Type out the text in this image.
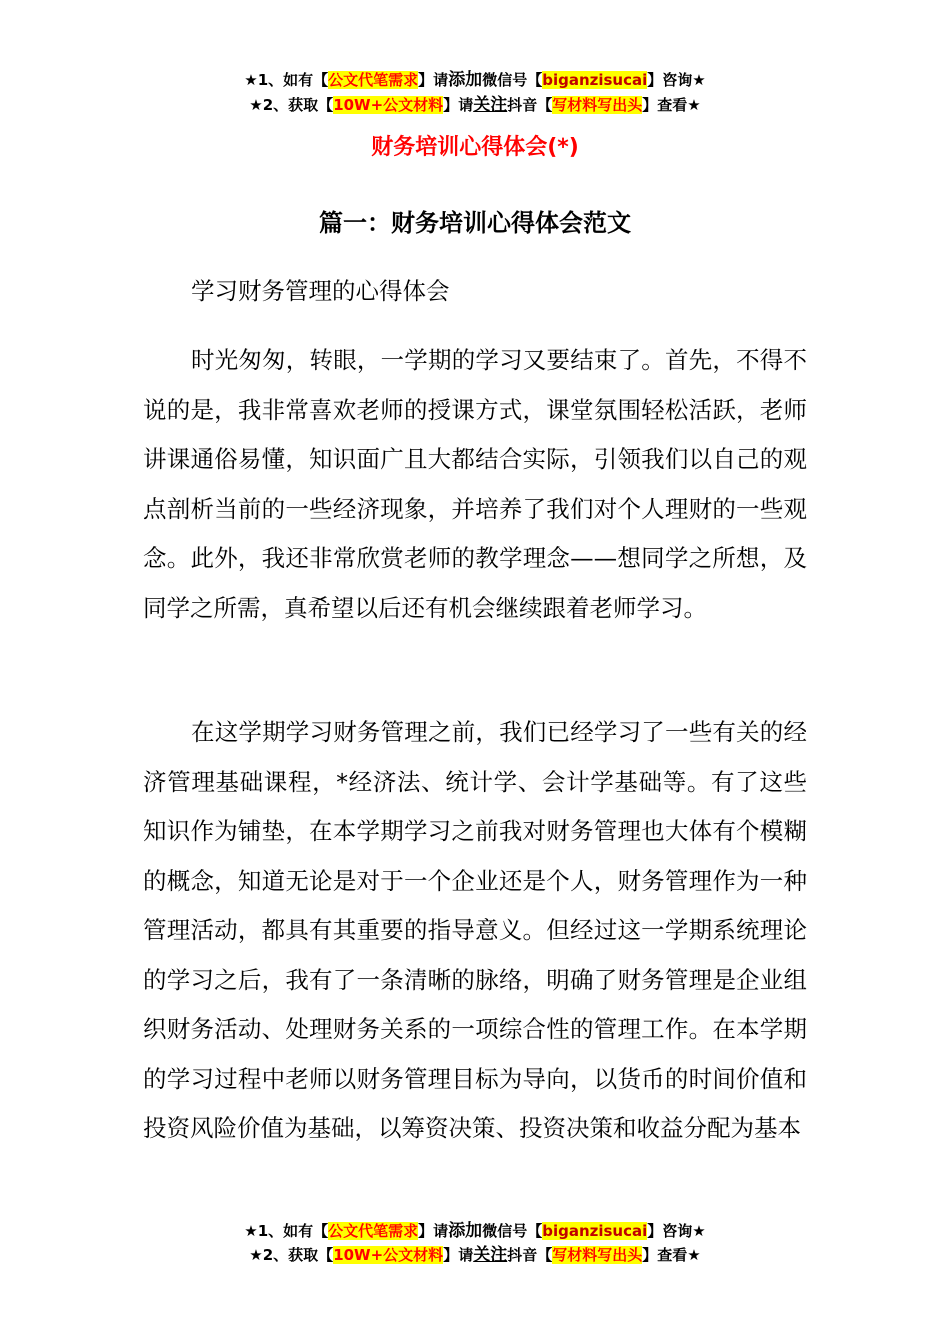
★1、如有【公文代笔需求】请添加微信号【biganzisucai】咨询★
★2、获取【10W+公文材料】请关注抖音【写材料写出头】查看★
财务培训心得体会(*)
篇一：财务培训心得体会范文
学习财务管理的心得体会
时光匆匆，转眼，一学期的学习又要结束了。首先，不得不说的是，我非常喜欢老师的授课方式，课堂氛围轻松活跃，老师讲课通俗易懂，知识面广且大都结合实际，引领我们以自己的观点剖析当前的一些经济现象，并培养了我们对个人理财的一些观念。此外，我还非常欣赏老师的教学理念——想同学之所想，及同学之所需，真希望以后还有机会继续跟着老师学习。
在这学期学习财务管理之前，我们已经学习了一些有关的经济管理基础课程，*经济法、统计学、会计学基础等。有了这些知识作为铺垫，在本学期学习之前我对财务管理也大体有个模糊的概念，知道无论是对于一个企业还是个人，财务管理作为一种管理活动，都具有其重要的指导意义。但经过这一学期系统理论的学习之后，我有了一条清晰的脉络，明确了财务管理是企业组织财务活动、处理财务关系的一项综合性的管理工作。在本学期的学习过程中老师以财务管理目标为导向，以货币的时间价值和投资风险价值为基础，以筹资决策、投资决策和收益分配为基本
★1、如有【公文代笔需求】请添加微信号【biganzisucai】咨询★
★2、获取【10W+公文材料】请关注抖音【写材料写出头】查看★
